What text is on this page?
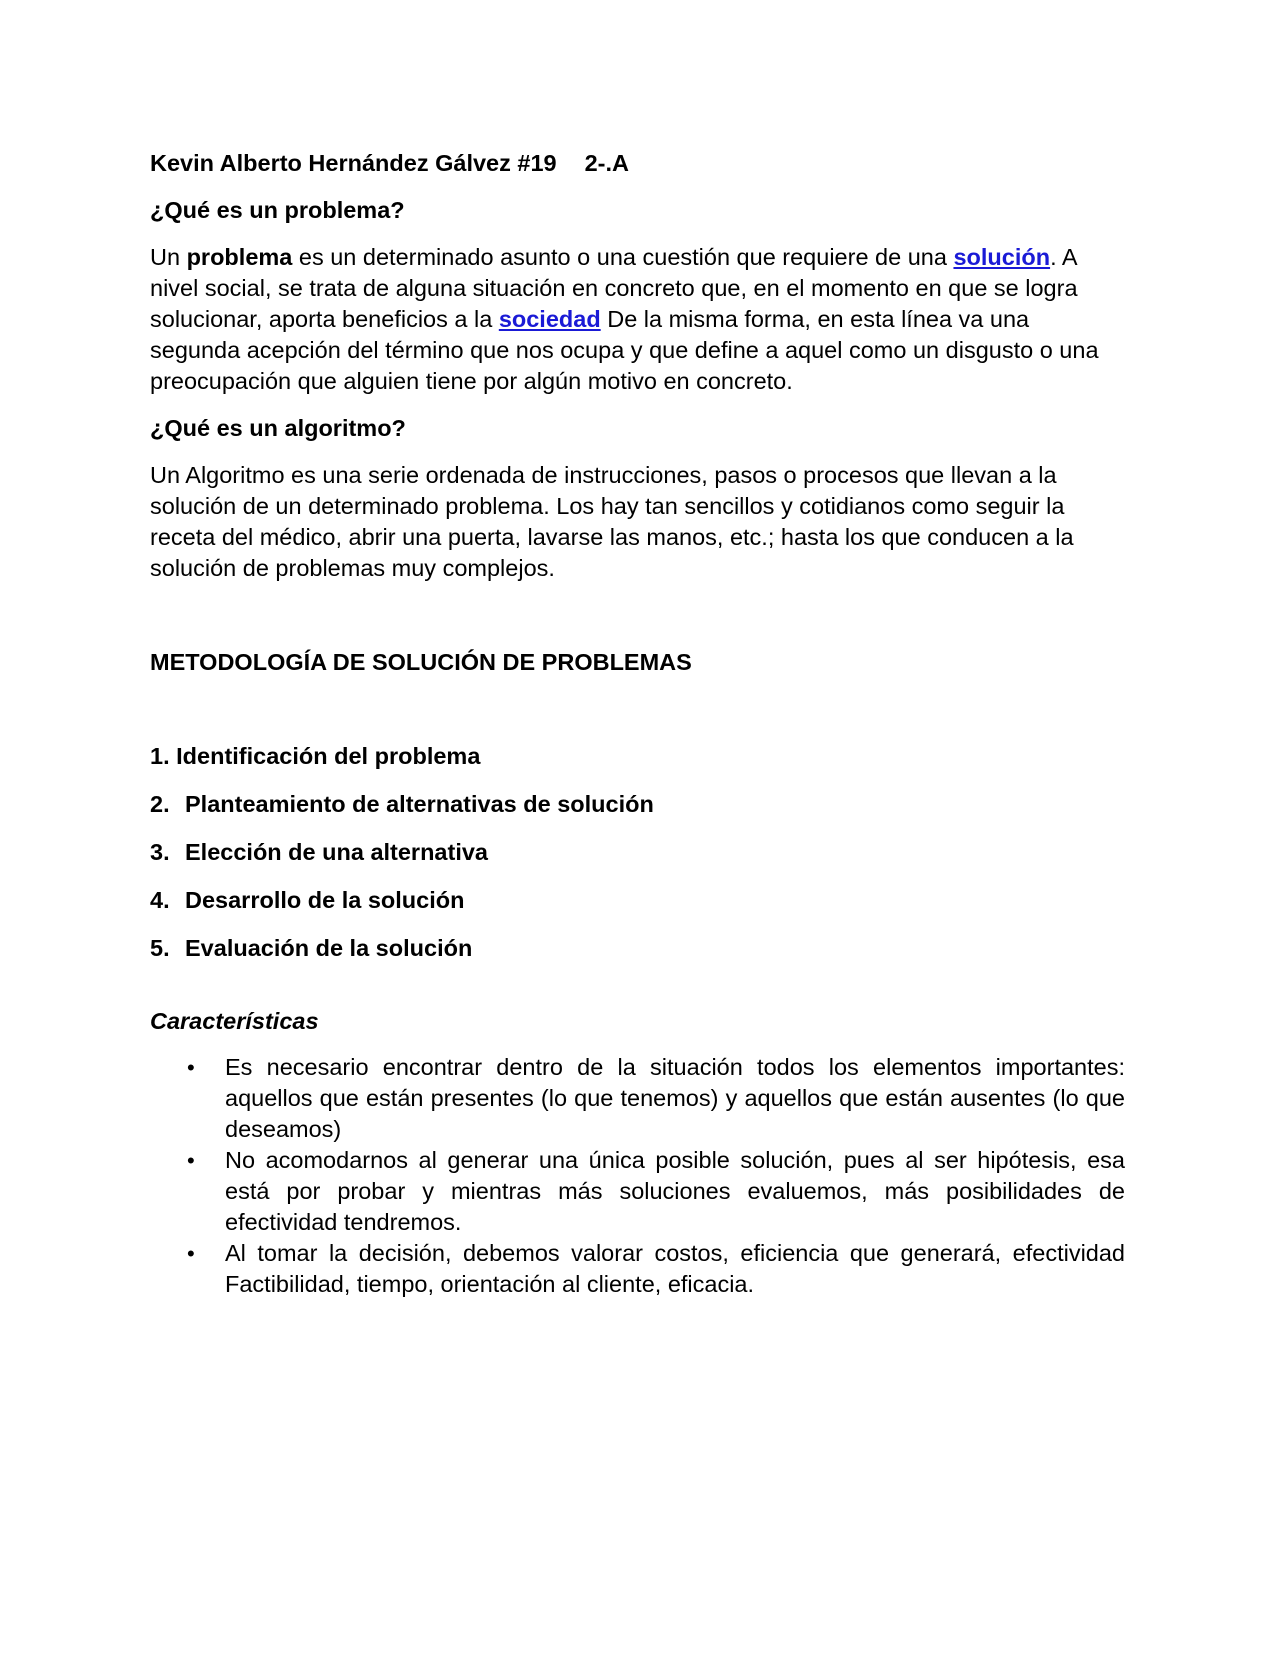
Kevin Alberto Hernández Gálvez #19 2-.A

¿Qué es un problema?

Un problema es un determinado asunto o una cuestión que requiere de una solución. A nivel social, se trata de alguna situación en concreto que, en el momento en que se logra solucionar, aporta beneficios a la sociedad De la misma forma, en esta línea va una segunda acepción del término que nos ocupa y que define a aquel como un disgusto o una preocupación que alguien tiene por algún motivo en concreto.

¿Qué es un algoritmo?

Un Algoritmo es una serie ordenada de instrucciones, pasos o procesos que llevan a la solución de un determinado problema. Los hay tan sencillos y cotidianos como seguir la receta del médico, abrir una puerta, lavarse las manos, etc.; hasta los que conducen a la solución de problemas muy complejos.

METODOLOGÍA DE SOLUCIÓN DE PROBLEMAS

1. Identificación del problema
2. Planteamiento de alternativas de solución
3. Elección de una alternativa
4. Desarrollo de la solución
5. Evaluación de la solución

Características

• Es necesario encontrar dentro de la situación todos los elementos importantes: aquellos que están presentes (lo que tenemos) y aquellos que están ausentes (lo que deseamos)
• No acomodarnos al generar una única posible solución, pues al ser hipótesis, esa está por probar y mientras más soluciones evaluemos, más posibilidades de efectividad tendremos.
• Al tomar la decisión, debemos valorar costos, eficiencia que generará, efectividad Factibilidad, tiempo, orientación al cliente, eficacia.
